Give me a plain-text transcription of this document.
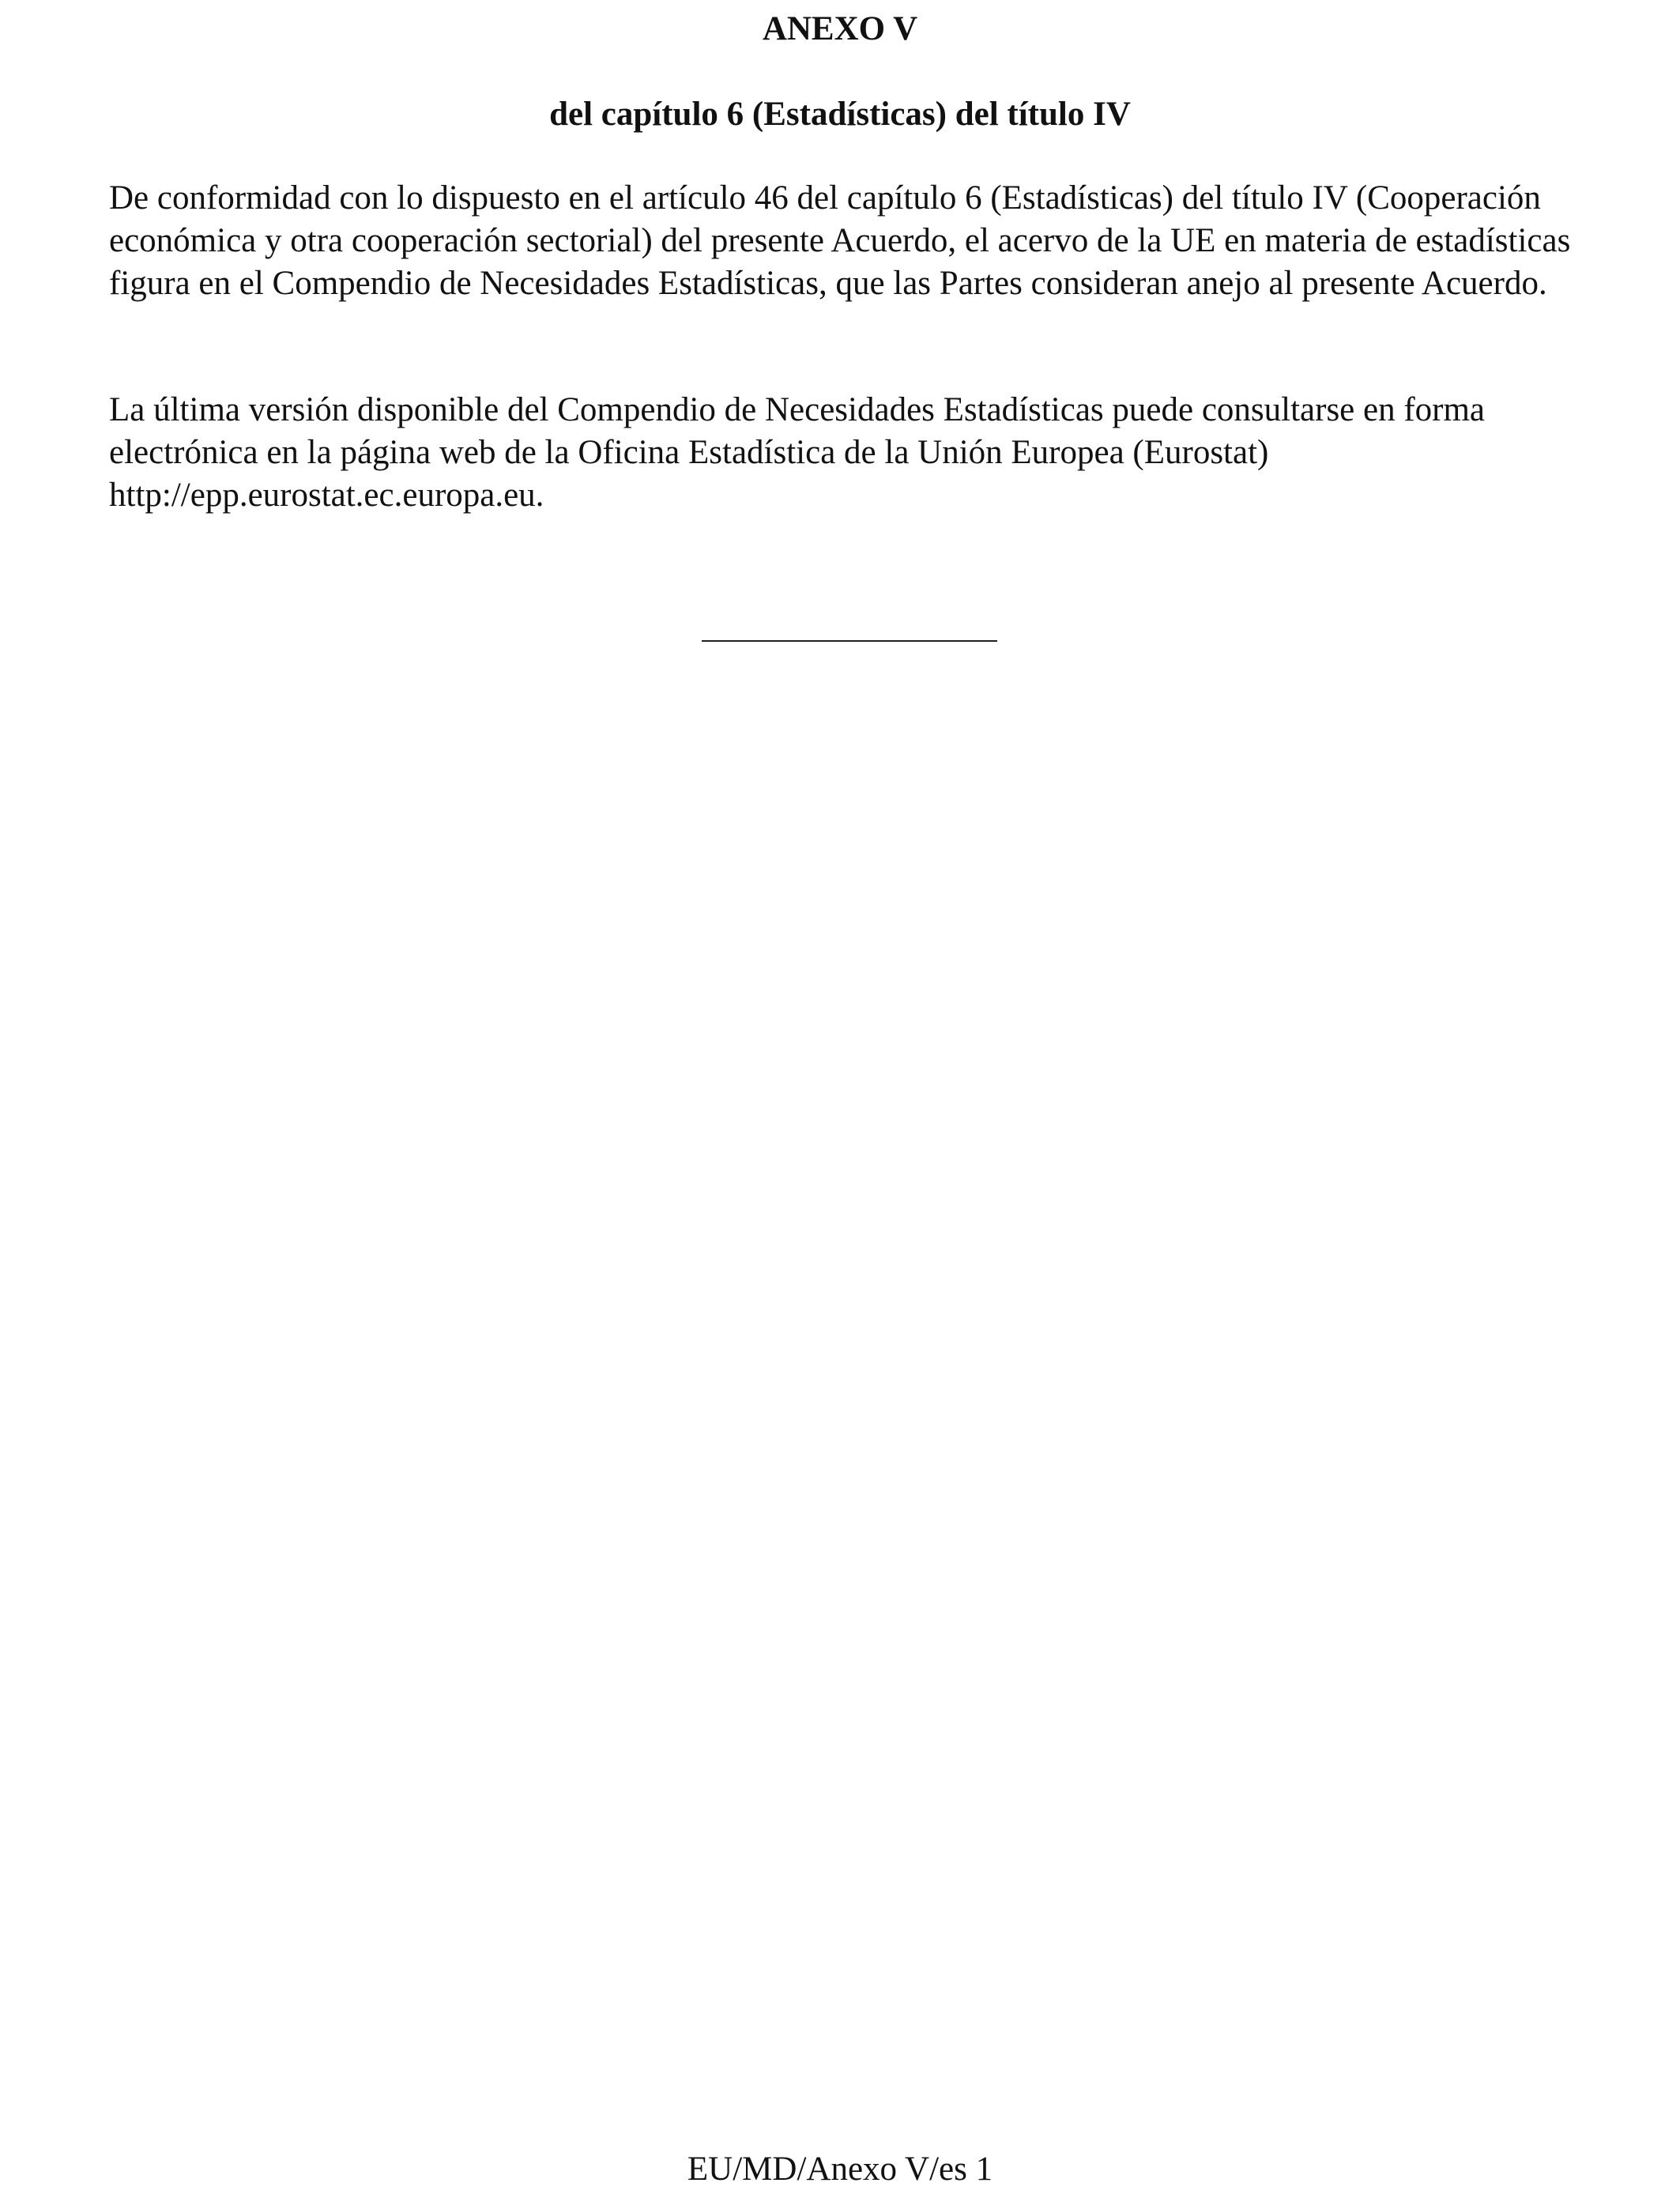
ANEXO V
del capítulo 6 (Estadísticas) del título IV

De conformidad con lo dispuesto en el artículo 46 del capítulo 6 (Estadísticas) del título IV (Cooperación económica y otra cooperación sectorial) del presente Acuerdo, el acervo de la UE en materia de estadísticas figura en el Compendio de Necesidades Estadísticas, que las Partes consideran anejo al presente Acuerdo.

La última versión disponible del Compendio de Necesidades Estadísticas puede consultarse en forma electrónica en la página web de la Oficina Estadística de la Unión Europea (Eurostat) http://epp.eurostat.ec.europa.eu.

EU/MD/Anexo V/es 1
